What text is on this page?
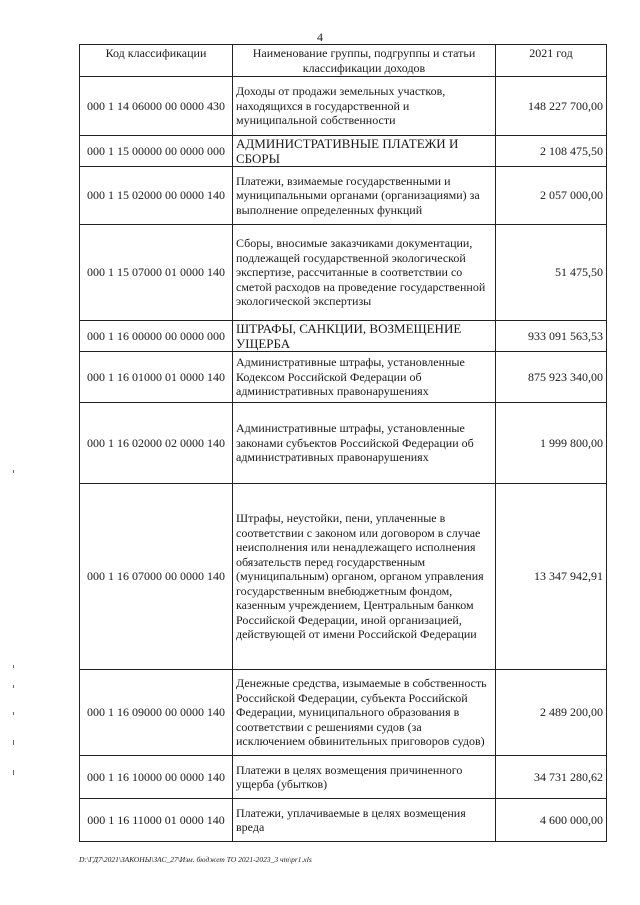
4
Код классификации	Наименование группы, подгруппы и статьи классификации доходов	2021 год
000 1 14 06000 00 0000 430	Доходы от продажи земельных участков, находящихся в государственной и муниципальной собственности	148 227 700,00
000 1 15 00000 00 0000 000	АДМИНИСТРАТИВНЫЕ ПЛАТЕЖИ И СБОРЫ	2 108 475,50
000 1 15 02000 00 0000 140	Платежи, взимаемые государственными и муниципальными органами (организациями) за выполнение определенных функций	2 057 000,00
000 1 15 07000 01 0000 140	Сборы, вносимые заказчиками документации, подлежащей государственной экологической экспертизе, рассчитанные в соответствии со сметой расходов на проведение государственной экологической экспертизы	51 475,50
000 1 16 00000 00 0000 000	ШТРАФЫ, САНКЦИИ, ВОЗМЕЩЕНИЕ УЩЕРБА	933 091 563,53
000 1 16 01000 01 0000 140	Административные штрафы, установленные Кодексом Российской Федерации об административных правонарушениях	875 923 340,00
000 1 16 02000 02 0000 140	Административные штрафы, установленные законами субъектов Российской Федерации об административных правонарушениях	1 999 800,00
000 1 16 07000 00 0000 140	Штрафы, неустойки, пени, уплаченные в соответствии с законом или договором в случае неисполнения или ненадлежащего исполнения обязательств перед государственным (муниципальным) органом, органом управления государственным внебюджетным фондом, казенным учреждением, Центральным банком Российской Федерации, иной организацией, действующей от имени Российской Федерации	13 347 942,91
000 1 16 09000 00 0000 140	Денежные средства, изымаемые в собственность Российской Федерации, субъекта Российской Федерации, муниципального образования в соответствии с решениями судов (за исключением обвинительных приговоров судов)	2 489 200,00
000 1 16 10000 00 0000 140	Платежи в целях возмещения причиненного ущерба (убытков)	34 731 280,62
000 1 16 11000 01 0000 140	Платежи, уплачиваемые в целях возмещения вреда	4 600 000,00
D:\ГД7\2021\ЗАКОНЫ\ЗАС_27\Изм. бюджет ТО 2021-2023_3 чт\pr1.xls
